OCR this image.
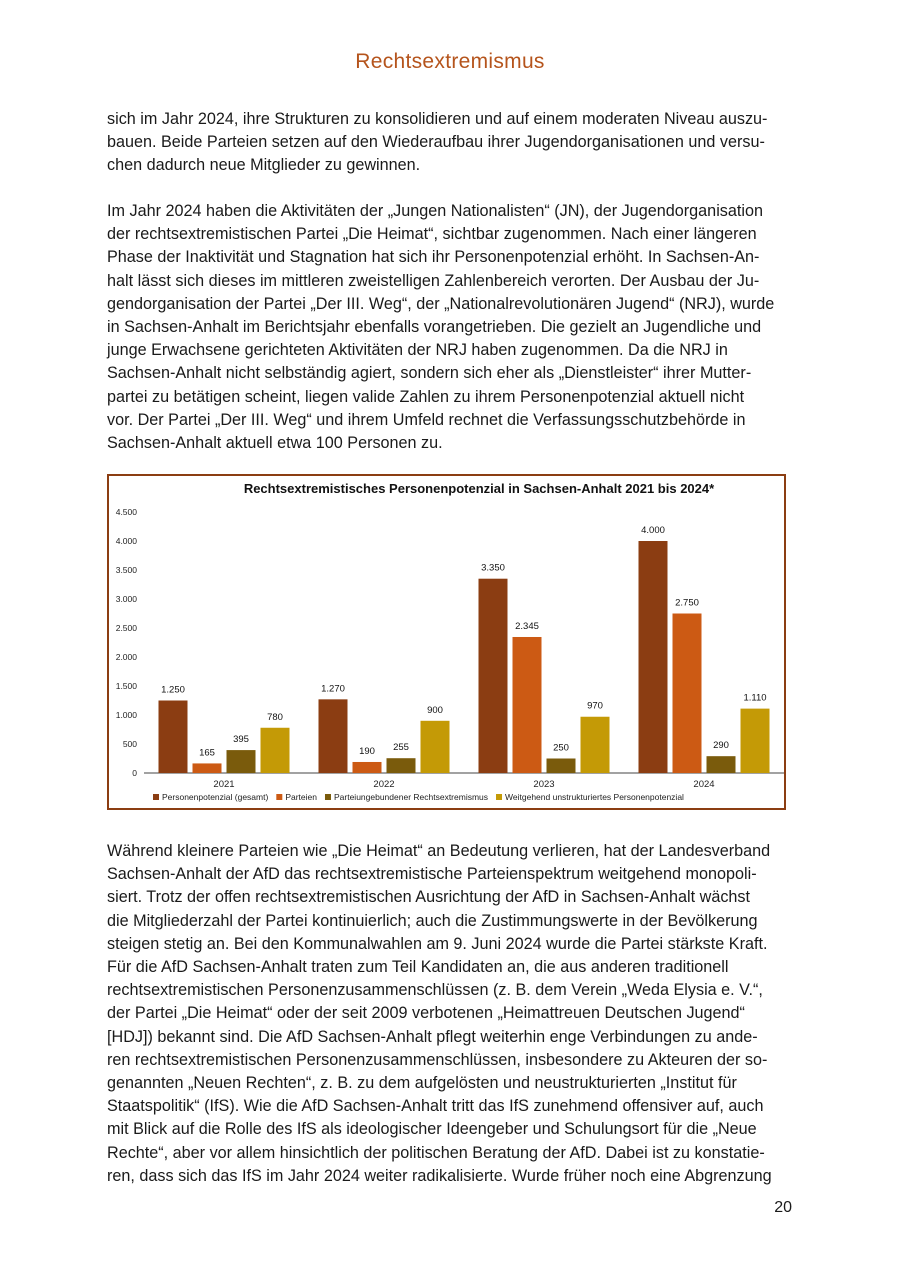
Rechtsextremismus
sich im Jahr 2024, ihre Strukturen zu konsolidieren und auf einem moderaten Niveau auszu-
bauen. Beide Parteien setzen auf den Wiederaufbau ihrer Jugendorganisationen und versu-
chen dadurch neue Mitglieder zu gewinnen.
Im Jahr 2024 haben die Aktivitäten der „Jungen Nationalisten“ (JN), der Jugendorganisation
der rechtsextremistischen Partei „Die Heimat“, sichtbar zugenommen. Nach einer längeren
Phase der Inaktivität und Stagnation hat sich ihr Personenpotenzial erhöht. In Sachsen-An-
halt lässt sich dieses im mittleren zweistelligen Zahlenbereich verorten. Der Ausbau der Ju-
gendorganisation der Partei „Der III. Weg“, der „Nationalrevolutionären Jugend“ (NRJ), wurde
in Sachsen-Anhalt im Berichtsjahr ebenfalls vorangetrieben. Die gezielt an Jugendliche und
junge Erwachsene gerichteten Aktivitäten der NRJ haben zugenommen. Da die NRJ in
Sachsen-Anhalt nicht selbständig agiert, sondern sich eher als „Dienstleister“ ihrer Mutter-
partei zu betätigen scheint, liegen valide Zahlen zu ihrem Personenpotenzial aktuell nicht
vor. Der Partei „Der III. Weg“ und ihrem Umfeld rechnet die Verfassungsschutzbehörde in
Sachsen-Anhalt aktuell etwa 100 Personen zu.
Rechtsextremistisches Personenpotenzial in Sachsen-Anhalt 2021 bis 2024*
0
500
1.000
1.500
2.000
2.500
3.000
3.500
4.000
4.500
1.250
165
395
780
2021
1.270
190 255
900
2022
3.350
2.345
250
970
2023
4.000
2.750
290
1.110
2024
Personenpotenzial (gesamt) Parteien Parteiungebundener Rechtsextremismus Weitgehend unstrukturiertes Personenpotenzial
Während kleinere Parteien wie „Die Heimat“ an Bedeutung verlieren, hat der Landesverband
Sachsen-Anhalt der AfD das rechtsextremistische Parteienspektrum weitgehend monopoli-
siert. Trotz der offen rechtsextremistischen Ausrichtung der AfD in Sachsen-Anhalt wächst
die Mitgliederzahl der Partei kontinuierlich; auch die Zustimmungswerte in der Bevölkerung
steigen stetig an. Bei den Kommunalwahlen am 9. Juni 2024 wurde die Partei stärkste Kraft.
Für die AfD Sachsen-Anhalt traten zum Teil Kandidaten an, die aus anderen traditionell
rechtsextremistischen Personenzusammenschlüssen (z. B. dem Verein „Weda Elysia e. V.“,
der Partei „Die Heimat“ oder der seit 2009 verbotenen „Heimattreuen Deutschen Jugend“
[HDJ]) bekannt sind. Die AfD Sachsen-Anhalt pflegt weiterhin enge Verbindungen zu ande-
ren rechtsextremistischen Personenzusammenschlüssen, insbesondere zu Akteuren der so-
genannten „Neuen Rechten“, z. B. zu dem aufgelösten und neustrukturierten „Institut für
Staatspolitik“ (IfS). Wie die AfD Sachsen-Anhalt tritt das IfS zunehmend offensiver auf, auch
mit Blick auf die Rolle des IfS als ideologischer Ideengeber und Schulungsort für die „Neue
Rechte“, aber vor allem hinsichtlich der politischen Beratung der AfD. Dabei ist zu konstatie-
ren, dass sich das IfS im Jahr 2024 weiter radikalisierte. Wurde früher noch eine Abgrenzung
20
